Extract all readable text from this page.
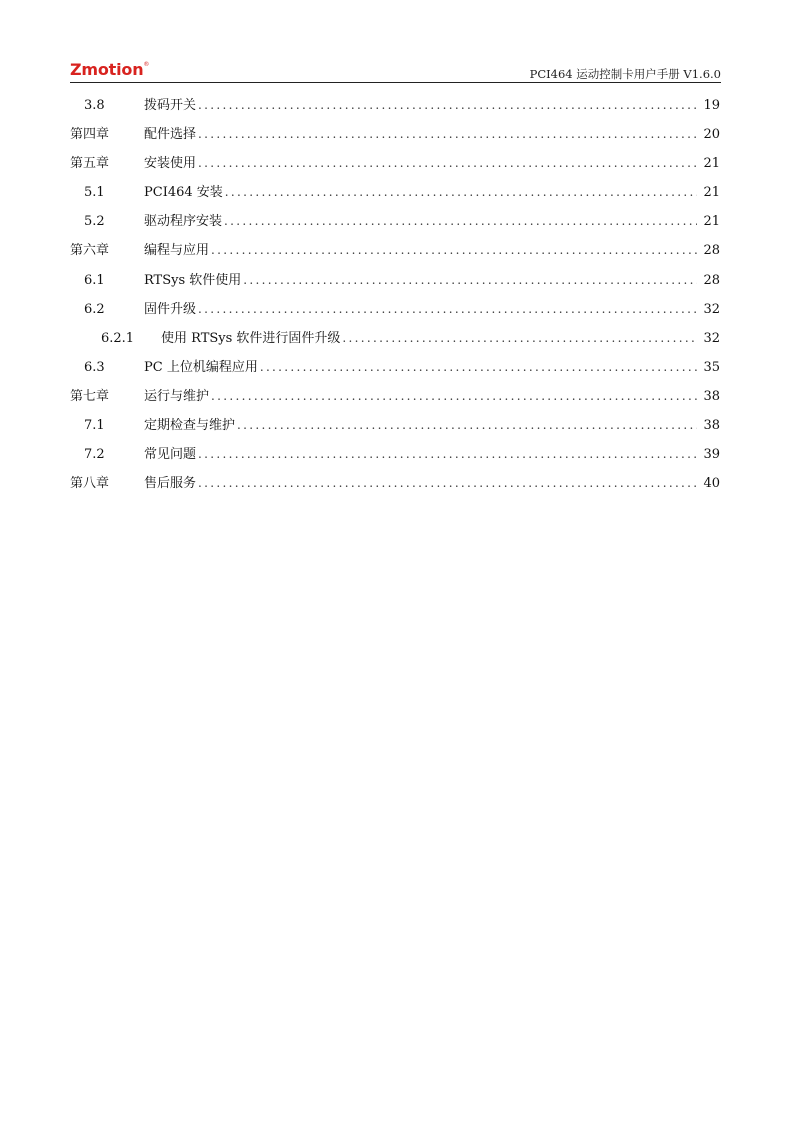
Zmotion®
PCI464 运动控制卡用户手册 V1.6.0
3.8	拨码开关 .....	19
第四章	配件选择 .....	20
第五章	安装使用 .....	21
5.1	PCI464 安装 .....	21
5.2	驱动程序安装 .....	21
第六章	编程与应用 .....	28
6.1	RTSys 软件使用 .....	28
6.2	固件升级 .....	32
6.2.1	使用 RTSys 软件进行固件升级 .....	32
6.3	PC 上位机编程应用 .....	35
第七章	运行与维护 .....	38
7.1	定期检查与维护 .....	38
7.2	常见问题 .....	39
第八章	售后服务 .....	40
